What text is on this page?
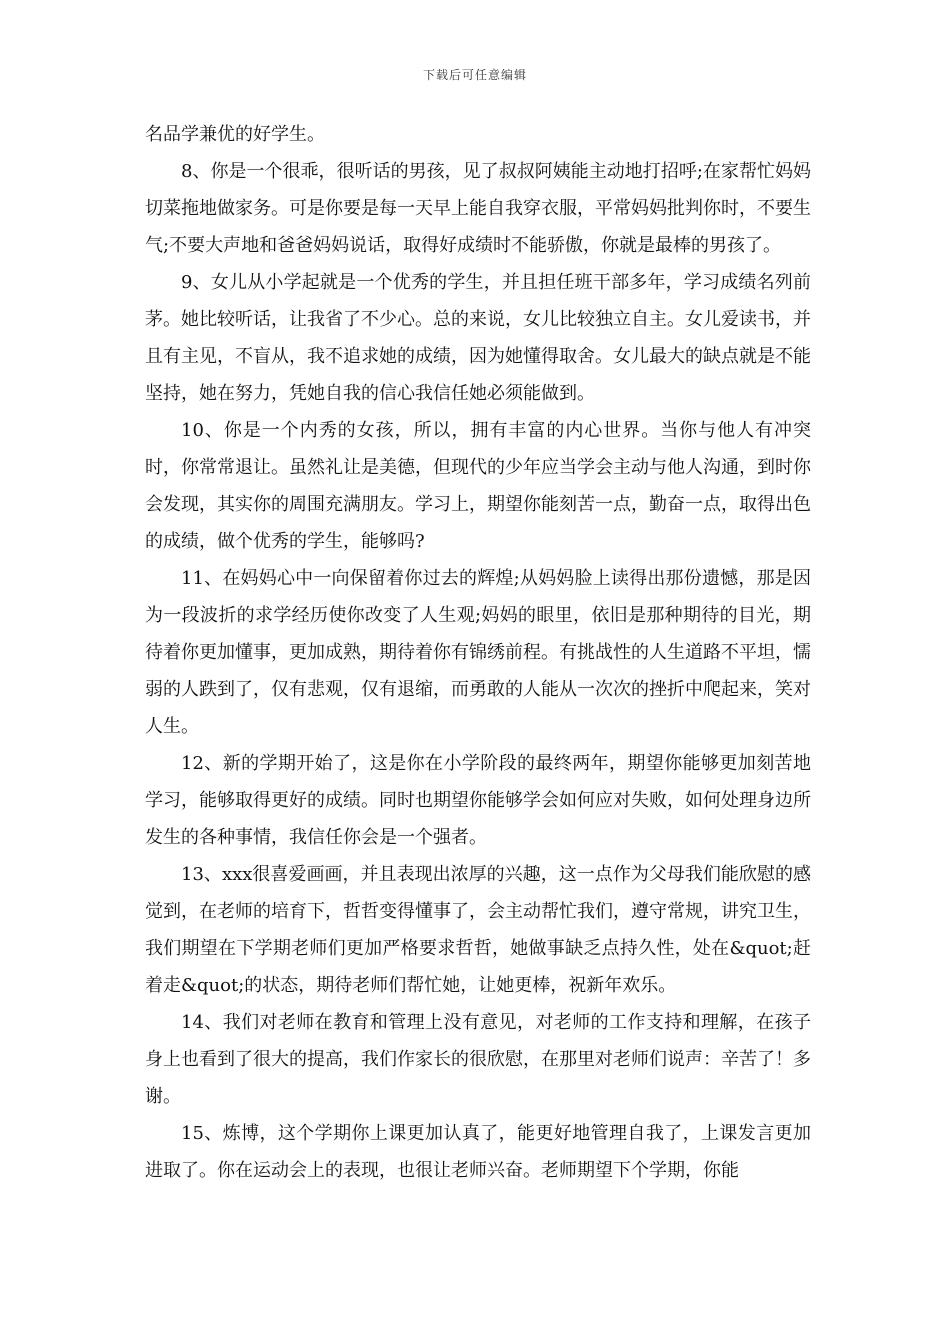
下载后可任意编辑

名品学兼优的好学生。

8、你是一个很乖，很听话的男孩，见了叔叔阿姨能主动地打招呼;在家帮忙妈妈切菜拖地做家务。可是你要是每一天早上能自我穿衣服，平常妈妈批判你时，不要生气;不要大声地和爸爸妈妈说话，取得好成绩时不能骄傲，你就是最棒的男孩了。

9、女儿从小学起就是一个优秀的学生，并且担任班干部多年，学习成绩名列前茅。她比较听话，让我省了不少心。总的来说，女儿比较独立自主。女儿爱读书，并且有主见，不盲从，我不追求她的成绩，因为她懂得取舍。女儿最大的缺点就是不能坚持，她在努力，凭她自我的信心我信任她必须能做到。

10、你是一个内秀的女孩，所以，拥有丰富的内心世界。当你与他人有冲突时，你常常退让。虽然礼让是美德，但现代的少年应当学会主动与他人沟通，到时你会发现，其实你的周围充满朋友。学习上，期望你能刻苦一点，勤奋一点，取得出色的成绩，做个优秀的学生，能够吗?

11、在妈妈心中一向保留着你过去的辉煌;从妈妈脸上读得出那份遗憾，那是因为一段波折的求学经历使你改变了人生观;妈妈的眼里，依旧是那种期待的目光，期待着你更加懂事，更加成熟，期待着你有锦绣前程。有挑战性的人生道路不平坦，懦弱的人跌到了，仅有悲观，仅有退缩，而勇敢的人能从一次次的挫折中爬起来，笑对人生。

12、新的学期开始了，这是你在小学阶段的最终两年，期望你能够更加刻苦地学习，能够取得更好的成绩。同时也期望你能够学会如何应对失败，如何处理身边所发生的各种事情，我信任你会是一个强者。

13、xxx很喜爱画画，并且表现出浓厚的兴趣，这一点作为父母我们能欣慰的感觉到，在老师的培育下，哲哲变得懂事了，会主动帮忙我们，遵守常规，讲究卫生，我们期望在下学期老师们更加严格要求哲哲，她做事缺乏点持久性，处在&quot;赶着走&quot;的状态，期待老师们帮忙她，让她更棒，祝新年欢乐。

14、我们对老师在教育和管理上没有意见，对老师的工作支持和理解，在孩子身上也看到了很大的提高，我们作家长的很欣慰，在那里对老师们说声：辛苦了！多谢。

15、炼博，这个学期你上课更加认真了，能更好地管理自我了，上课发言更加进取了。你在运动会上的表现，也很让老师兴奋。老师期望下个学期，你能
